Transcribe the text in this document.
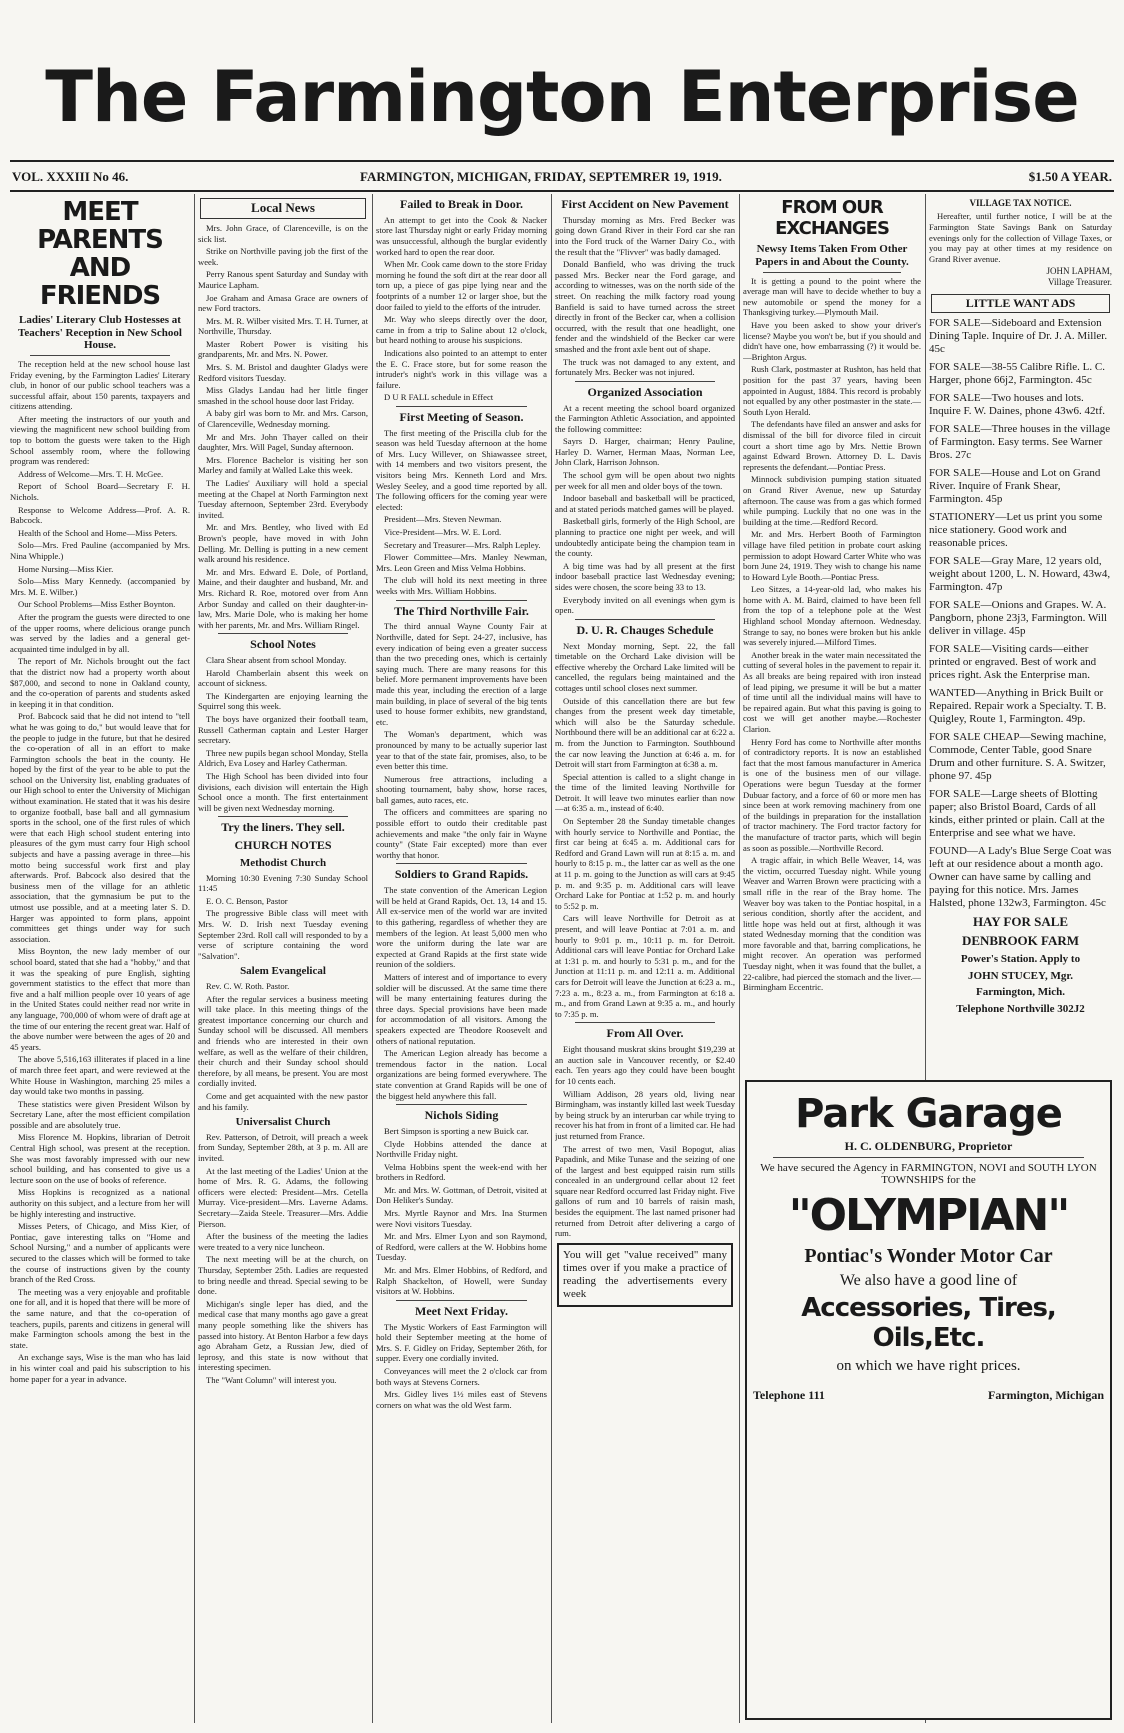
The Farmington Enterprise
VOL. XXXIII No 46.	FARMINGTON, MICHIGAN, FRIDAY, SEPTEMRER 19, 1919.	$1.50 A YEAR.
MEET PARENTS AND FRIENDS
Ladies' Literary Club Hostesses at Teachers' Reception in New School House.

The reception held at the new school house last Friday evening, by the Farmington Ladies' Literary club, in honor of our public school teachers was a successful affair, about 150 parents, taxpayers and citizens attending.

After meeting the instructors of our youth and viewing the magnificent new school building from top to bottom the guests were taken to the High School assembly room, where the following program was rendered:

Address of Welcome—Mrs. T. H. McGee.

Report of School Board—Secretary F. H. Nichols.

Response to Welcome Address—Prof. A. R. Babcock.

Health of the School and Home—Miss Peters.

Solo—Mrs. Fred Pauline (accompanied by Mrs. Nina Whipple.)

Home Nursing—Miss Kier.

Solo—Miss Mary Kennedy. (accompanied by Mrs. M. E. Wilber.)

Our School Problems—Miss Esther Boynton.

After the program the guests were directed to one of the upper rooms, where delicious orange punch was served by the ladies and a general get-acquainted time indulged in by all.

The report of Mr. Nichols brought out the fact that the district now had a property worth about $87,000, and second to none in Oakland county, and the co-operation of parents and students asked in keeping it in that condition.

Prof. Babcock said that he did not intend to "tell what he was going to do," but would leave that for the people to judge in the future, but that he desired the co-operation of all in an effort to make Farmington schools the beat in the county. He hoped by the first of the year to be able to put the school on the University list, enabling graduates of our High school to enter the University of Michigan without examination. He stated that it was his desire to organize football, base ball and all gymnasium sports in the school, one of the first rules of which were that each High school student entering into pleasures of the gym must carry four High school subjects and have a passing average in three—his motto being successful work first and play afterwards. Prof. Babcock also desired that the business men of the village for an athletic association, that the gymnasium be put to the utmost use possible, and at a meeting later S. D. Harger was appointed to form plans, appoint committees get things under way for such association.

Miss Boynton, the new lady member of our school board, stated that she had a "hobby," and that it was the speaking of pure English, sighting government statistics to the effect that more than five and a half million people over 10 years of age in the United States could neither read nor write in any language, 700,000 of whom were of draft age at the time of our entering the recent great war. Half of the above number were between the ages of 20 and 45 years.

The above 5,516,163 illiterates if placed in a line of march three feet apart, and were reviewed at the White House in Washington, marching 25 miles a day would take two months in passing.

These statistics were given President Wilson by Secretary Lane, after the most efficient compilation possible and are absolutely true.

Miss Florence M. Hopkins, librarian of Detroit Central High school, was present at the reception. She was most favorably impressed with our new school building, and has consented to give us a lecture soon on the use of books of reference.

Miss Hopkins is recognized as a national authority on this subject, and a lecture from her will be highly interesting and instructive.

Misses Peters, of Chicago, and Miss Kier, of Pontiac, gave interesting talks on "Home and School Nursing," and a number of applicants were secured to the classes which will be formed to take the course of instructions given by the county branch of the Red Cross.

The meeting was a very enjoyable and profitable one for all, and it is hoped that there will be more of the same nature, and that the co-operation of teachers, pupils, parents and citizens in general will make Farmington schools among the best in the state.

An exchange says, Wise is the man who has laid in his winter coal and paid his subscription to his home paper for a year in advance.

Local News

Mrs. John Grace, of Clarenceville, is on the sick list.

Strike on Northville paving job the first of the week.

Perry Ranous spent Saturday and Sunday with Maurice Lapham.

Joe Graham and Amasa Grace are owners of new Ford tractors.

Mrs. M. R. Wilber visited Mrs. T. H. Turner, at Northville, Thursday.

Master Robert Power is visiting his grandparents, Mr. and Mrs. N. Power.

Mrs. S. M. Bristol and daughter Gladys were Redford visitors Tuesday.

Miss Gladys Landau had her little finger smashed in the school house door last Friday.

A baby girl was born to Mr. and Mrs. Carson, of Clarenceville, Wednesday morning.

Mr and Mrs. John Thayer called on their daughter, Mrs. Will Pagel, Sunday afternoon.

Mrs. Florence Bachelor is visiting her son Marley and family at Walled Lake this week.

The Ladies' Auxiliary will hold a special meeting at the Chapel at North Farmington next Tuesday afternoon, September 23rd. Everybody invited.

Mr. and Mrs. Bentley, who lived with Ed Brown's people, have moved in with John Delling. Mr. Delling is putting in a new cement walk around his residence.

Mr. and Mrs. Edward E. Dole, of Portland, Maine, and their daughter and husband, Mr. and Mrs. Richard R. Roe, motored over from Ann Arbor Sunday and called on their daughter-in-law, Mrs. Marie Dole, who is making her home with her parents, Mr. and Mrs. William Ringel.

School Notes

Clara Shear absent from school Monday.

Harold Chamberlain absent this week on account of sickness.

The Kindergarten are enjoying learning the Squirrel song this week.

The boys have organized their football team, Russell Catherman captain and Lester Harger secretary.

Three new pupils began school Monday, Stella Aldrich, Eva Losey and Harley Catherman.

The High School has been divided into four divisions, each division will entertain the High School once a month. The first entertainment will be given next Wednesday morning.

Try the liners. They sell.
CHURCH NOTES
Methodist Church

Morning 10:30 Evening 7:30 Sunday School 11:45

E. O. C. Benson, Pastor

The progressive Bible class will meet with Mrs. W. D. Irish next Tuesday evening September 23rd. Roll call will responded to by a verse of scripture containing the word "Salvation".

Salem Evangelical

Rev. C. W. Roth. Pastor.

After the regular services a business meeting will take place. In this meeting things of the greatest importance concerning our church and Sunday school will be discussed. All members and friends who are interested in their own welfare, as well as the welfare of their children, their church and their Sunday school should therefore, by all means, be present. You are most cordially invited.

Come and get acquainted with the new pastor and his family.

Universalist Church

Rev. Patterson, of Detroit, will preach a week from Sunday, September 28th, at 3 p. m. All are invited.

At the last meeting of the Ladies' Union at the home of Mrs. R. G. Adams, the following officers were elected: President—Mrs. Cetella Murray. Vice-president—Mrs. Laverne Adams. Secretary—Zaida Steele. Treasurer—Mrs. Addie Pierson.

After the business of the meeting the ladies were treated to a very nice luncheon.

The next meeting will be at the church, on Thursday, September 25th. Ladies are requested to bring needle and thread. Special sewing to be done.

Michigan's single leper has died, and the medical case that many months ago gave a great many people something like the shivers has passed into history. At Benton Harbor a few days ago Abraham Getz, a Russian Jew, died of leprosy, and this state is now without that interesting specimen.

The "Want Column" will interest you.

Failed to Break in Door.

An attempt to get into the Cook & Nacker store last Thursday night or early Friday morning was unsuccessful, although the burglar evidently worked hard to open the rear door.

When Mr. Cook came down to the store Friday morning he found the soft dirt at the rear door all torn up, a piece of gas pipe lying near and the footprints of a number 12 or larger shoe, but the door failed to yield to the efforts of the intruder.

Mr. Way who sleeps directly over the door, came in from a trip to Saline about 12 o'clock, but heard nothing to arouse his suspicions.

Indications also pointed to an attempt to enter the E. C. Frace store, but for some reason the intruder's night's work in this village was a failure.

D U R FALL schedule in Effect

First Meeting of Season.

The first meeting of the Priscilla club for the season was held Tuesday afternoon at the home of Mrs. Lucy Willever, on Shiawassee street, with 14 members and two visitors present, the visitors being Mrs. Kenneth Lord and Mrs. Wesley Seeley, and a good time reported by all. The following officers for the coming year were elected:

President—Mrs. Steven Newman.

Vice-President—Mrs. W. E. Lord.

Secretary and Treasurer—Mrs. Ralph Lepley.

Flower Committee—Mrs. Manley Newman, Mrs. Leon Green and Miss Velma Hobbins.

The club will hold its next meeting in three weeks with Mrs. William Hobbins.

The Third Northville Fair.

The third annual Wayne County Fair at Northville, dated for Sept. 24-27, inclusive, has every indication of being even a greater success than the two preceding ones, which is certainly saying much. There are many reasons for this belief. More permanent improvements have been made this year, including the erection of a large main building, in place of several of the big tents used to house former exhibits, new grandstand, etc.

The Woman's department, which was pronounced by many to be actually superior last year to that of the state fair, promises, also, to be even better this time.

Numerous free attractions, including a shooting tournament, baby show, horse races, ball games, auto races, etc.

The officers and committees are sparing no possible effort to outdo their creditable past achievements and make "the only fair in Wayne county" (State Fair excepted) more than ever worthy that honor.

Soldiers to Grand Rapids.

The state convention of the American Legion will be held at Grand Rapids, Oct. 13, 14 and 15. All ex-service men of the world war are invited to this gathering, regardless of whether they are members of the legion. At least 5,000 men who wore the uniform during the late war are expected at Grand Rapids at the first state wide reunion of the soldiers.

Matters of interest and of importance to every soldier will be discussed. At the same time there will be many entertaining features during the three days. Special provisions have been made for accommodation of all visitors. Among the speakers expected are Theodore Roosevelt and others of national reputation.

The American Legion already has become a tremendous factor in the nation. Local organizations are being formed everywhere. The state convention at Grand Rapids will be one of the biggest held anywhere this fall.

Nichols Siding

Bert Simpson is sporting a new Buick car.

Clyde Hobbins attended the dance at Northville Friday night.

Velma Hobbins spent the week-end with her brothers in Redford.

Mr. and Mrs. W. Gottman, of Detroit, visited at Don Heliker's Sunday.

Mrs. Myrtle Raynor and Mrs. Ina Sturmen were Novi visitors Tuesday.

Mr. and Mrs. Elmer Lyon and son Raymond, of Redford, were callers at the W. Hobbins home Tuesday.

Mr. and Mrs. Elmer Hobbins, of Redford, and Ralph Shackelton, of Howell, were Sunday visitors at W. Hobbins.

Meet Next Friday.

The Mystic Workers of East Farmington will hold their September meeting at the home of Mrs. S. F. Gidley on Friday, September 26th, for supper. Every one cordially invited.

Conveyances will meet the 2 o'clock car from both ways at Stevens Corners.

Mrs. Gidley lives 1½ miles east of Stevens corners on what was the old West farm.

First Accident on New Pavement

Thursday morning as Mrs. Fred Becker was going down Grand River in their Ford car she ran into the Ford truck of the Warner Dairy Co., with the result that the "Flivver" was badly damaged.

Donald Banfield, who was driving the truck passed Mrs. Becker near the Ford garage, and according to witnesses, was on the north side of the street. On reaching the milk factory road young Banfield is said to have turned across the street directly in front of the Becker car, when a collision occurred, with the result that one headlight, one fender and the windshield of the Becker car were smashed and the front axle bent out of shape.

The truck was not damaged to any extent, and fortunately Mrs. Becker was not injured.

Organized Association

At a recent meeting the school board organized the Farmington Athletic Association, and appointed the following committee:

Sayrs D. Harger, chairman; Henry Pauline, Harley D. Warner, Herman Maas, Norman Lee, John Clark, Harrison Johnson.

The school gym will be open about two nights per week for all men and older boys of the town.

Indoor baseball and basketball will be practiced, and at stated periods matched games will be played.

Basketball girls, formerly of the High School, are planning to practice one night per week, and will undoubtedly anticipate being the champion team in the county.

A big time was had by all present at the first indoor baseball practice last Wednesday evening; sides were chosen, the score being 33 to 13.

Everybody invited on all evenings when gym is open.

D. U. R. Chauges Schedule

Next Monday morning, Sept. 22, the fall timetable on the Orchard Lake division will be effective whereby the Orchard Lake limited will be cancelled, the regulars being maintained and the cottages until school closes next summer.

Outside of this cancellation there are but few changes from the present week day timetable, which will also be the Saturday schedule. Northbound there will be an additional car at 6:22 a. m. from the Junction to Farmington. Southbound the car now leaving the Junction at 6:46 a. m. for Detroit will start from Farmington at 6:38 a. m.

Special attention is called to a slight change in the time of the limited leaving Northville for Detroit. It will leave two minutes earlier than now—at 6:35 a. m., instead of 6:40.

On September 28 the Sunday timetable changes with hourly service to Northville and Pontiac, the first car being at 6:45 a. m. Additional cars for Redford and Grand Lawn will run at 8:15 a. m. and hourly to 8:15 p. m., the latter car as well as the one at 11 p. m. going to the Junction as will cars at 9:45 p. m. and 9:35 p. m. Additional cars will leave Orchard Lake for Pontiac at 1:52 p. m. and hourly to 5:52 p. m.

Cars will leave Northville for Detroit as at present, and will leave Pontiac at 7:01 a. m. and hourly to 9:01 p. m., 10:11 p. m. for Detroit. Additional cars will leave Pontiac for Orchard Lake at 1:31 p. m. and hourly to 5:31 p. m., and for the Junction at 11:11 p. m. and 12:11 a. m. Additional cars for Detroit will leave the Junction at 6:23 a. m., 7:23 a. m., 8:23 a. m., from Farmington at 6:18 a. m., and from Grand Lawn at 9:35 a. m., and hourly to 7:35 p. m.

From All Over.

Eight thousand muskrat skins brought $19,239 at an auction sale in Vancouver recently, or $2.40 each. Ten years ago they could have been bought for 10 cents each.

William Addison, 28 years old, living near Birmingham, was instantly killed last week Tuesday by being struck by an interurban car while trying to recover his hat from in front of a limited car. He had just returned from France.

The arrest of two men, Vasil Bopogut, alias Papadink, and Mike Tunase and the seizing of one of the largest and best equipped raisin rum stills concealed in an underground cellar about 12 feet square near Redford occurred last Friday night. Five gallons of rum and 10 barrels of raisin mash, besides the equipment. The last named prisoner had returned from Detroit after delivering a cargo of rum.

You will get "value received" many times over if you make a practice of reading the advertisements every week
FROM OUR EXCHANGES
Newsy Items Taken From Other Papers in and About the County.

It is getting a pound to the point where the average man will have to decide whether to buy a new automobile or spend the money for a Thanksgiving turkey.—Plymouth Mail.

Have you been asked to show your driver's license? Maybe you won't be, but if you should and didn't have one, how embarrassing (?) it would be.—Brighton Argus.

Rush Clark, postmaster at Rushton, has held that position for the past 37 years, having been appointed in August, 1884. This record is probably not equalled by any other postmaster in the state.—South Lyon Herald.

The defendants have filed an answer and asks for dismissal of the bill for divorce filed in circuit court a short time ago by Mrs. Nettie Brown against Edward Brown. Attorney D. L. Davis represents the defendant.—Pontiac Press.

Minnock subdivision pumping station situated on Grand River Avenue, new up Saturday afternoon. The cause was from a gas which formed while pumping. Luckily that no one was in the building at the time.—Redford Record.

Mr. and Mrs. Herbert Booth of Farmington village have filed petition in probate court asking permission to adopt Howard Carter White who was born June 24, 1919. They wish to change his name to Howard Lyle Booth.—Pontiac Press.

Leo Sitzes, a 14-year-old lad, who makes his home with A. M. Baird, claimed to have been fell from the top of a telephone pole at the West Highland school Monday afternoon. Wednesday. Strange to say, no bones were broken but his ankle was severely injured.—Milford Times.

Another break in the water main necessitated the cutting of several holes in the pavement to repair it. As all breaks are being repaired with iron instead of lead piping, we presume it will be but a matter of time until all the individual mains will have to be repaired again. But what this paving is going to cost we will get another maybe.—Rochester Clarion.

Henry Ford has come to Northville after months of contradictory reports. It is now an established fact that the most famous manufacturer in America is one of the business men of our village. Operations were begun Tuesday at the former Dubuar factory, and a force of 60 or more men has since been at work removing machinery from one of the buildings in preparation for the installation of tractor machinery. The Ford tractor factory for the manufacture of tractor parts, which will begin as soon as possible.—Northville Record.

A tragic affair, in which Belle Weaver, 14, was the victim, occurred Tuesday night. While young Weaver and Warren Brown were practicing with a small rifle in the rear of the Bray home. The Weaver boy was taken to the Pontiac hospital, in a serious condition, shortly after the accident, and little hope was held out at first, although it was stated Wednesday morning that the condition was more favorable and that, barring complications, he might recover. An operation was performed Tuesday night, when it was found that the bullet, a 22-calibre, had pierced the stomach and the liver.—Birmingham Eccentric.

Park Garage
H. C. OLDENBURG, Proprietor
We have secured the Agency in FARMINGTON, NOVI and SOUTH LYON TOWNSHIPS for the
"OLYMPIAN"
Pontiac's Wonder Motor Car
We also have a good line of
Accessories, Tires, Oils,Etc.
on which we have right prices.
Telephone 111	Farmington, Michigan
VILLAGE TAX NOTICE.

Hereafter, until further notice, I will be at the Farmington State Savings Bank on Saturday evenings only for the collection of Village Taxes, or you may pay at other times at my residence on Grand River avenue.

JOHN LAPHAM,
Village Treasurer.
LITTLE WANT ADS

FOR SALE—Sideboard and Extension Dining Taple. Inquire of Dr. J. A. Miller. 45c

FOR SALE—38-55 Calibre Rifle. L. C. Harger, phone 66j2, Farmington. 45c

FOR SALE—Two houses and lots. Inquire F. W. Daines, phone 43w6. 42tf.

FOR SALE—Three houses in the village of Farmington. Easy terms. See Warner Bros. 27c

FOR SALE—House and Lot on Grand River. Inquire of Frank Shear, Farmington. 45p

STATIONERY—Let us print you some nice stationery. Good work and reasonable prices.

FOR SALE—Gray Mare, 12 years old, weight about 1200, L. N. Howard, 43w4, Farmington. 47p

FOR SALE—Onions and Grapes. W. A. Pangborn, phone 23j3, Farmington. Will deliver in village. 45p

FOR SALE—Visiting cards—either printed or engraved. Best of work and prices right. Ask the Enterprise man.

WANTED—Anything in Brick Built or Repaired. Repair work a Specialty. T. B. Quigley, Route 1, Farmington. 49p.

FOR SALE CHEAP—Sewing machine, Commode, Center Table, good Snare Drum and other furniture. S. A. Switzer, phone 97. 45p

FOR SALE—Large sheets of Blotting paper; also Bristol Board, Cards of all kinds, either printed or plain. Call at the Enterprise and see what we have.

FOUND—A Lady's Blue Serge Coat was left at our residence about a month ago. Owner can have same by calling and paying for this notice. Mrs. James Halsted, phone 132w3, Farmington. 45c

HAY FOR SALE
DENBROOK FARM
Power's Station. Apply to
JOHN STUCEY, Mgr.
Farmington, Mich.
Telephone Northville 302J2
